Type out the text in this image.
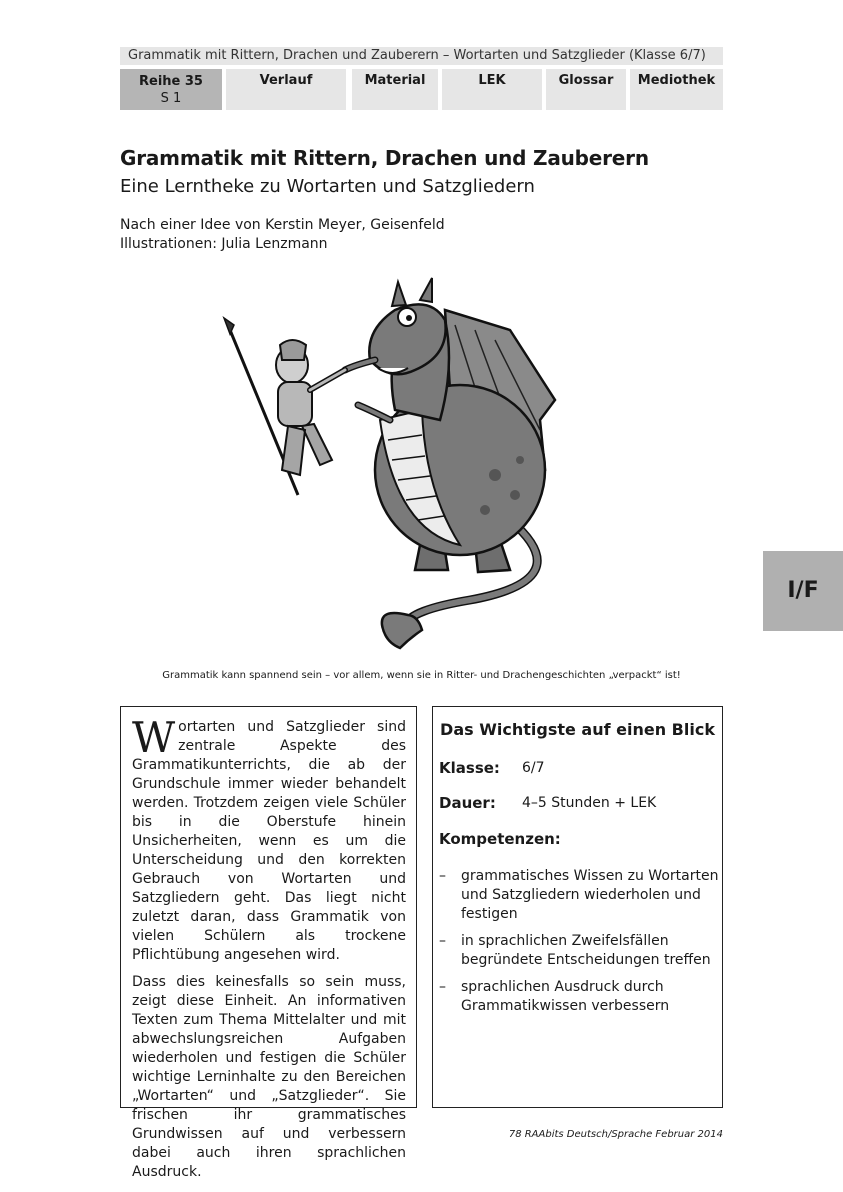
Grammatik mit Rittern, Drachen und Zauberern – Wortarten und Satzglieder (Klasse 6/7)
Reihe 35
S 1
Verlauf	Material	LEK	Glossar	Mediothek
Grammatik mit Rittern, Drachen und Zauberern
Eine Lerntheke zu Wortarten und Satzgliedern
Nach einer Idee von Kerstin Meyer, Geisenfeld
Illustrationen: Julia Lenzmann
Grammatik kann spannend sein – vor allem, wenn sie in Ritter- und Drachengeschichten „verpackt“ ist!
I/F

Wortarten und Satzglieder sind zentrale Aspekte des Grammatikunterrichts, die ab der Grundschule immer wieder behandelt werden. Trotzdem zeigen viele Schüler bis in die Oberstufe hinein Unsicherheiten, wenn es um die Unterscheidung und den korrekten Gebrauch von Wortarten und Satzgliedern geht. Das liegt nicht zuletzt daran, dass Grammatik von vielen Schülern als trockene Pflichtübung angesehen wird.

Dass dies keinesfalls so sein muss, zeigt diese Einheit. An informativen Texten zum Thema Mittelalter und mit abwechslungsreichen Aufgaben wiederholen und festigen die Schüler wichtige Lerninhalte zu den Bereichen „Wortarten“ und „Satzglieder“. Sie frischen ihr grammatisches Grundwissen auf und verbessern dabei auch ihren sprachlichen Ausdruck.

Das Wichtigste auf einen Blick
Klasse: 6/7
Dauer: 4–5 Stunden + LEK
Kompetenzen:
– grammatisches Wissen zu Wortarten und Satzgliedern wiederholen und festigen
– in sprachlichen Zweifelsfällen begründete Entscheidungen treffen
– sprachlichen Ausdruck durch Grammatikwissen verbessern
78 RAAbits Deutsch/Sprache Februar 2014
